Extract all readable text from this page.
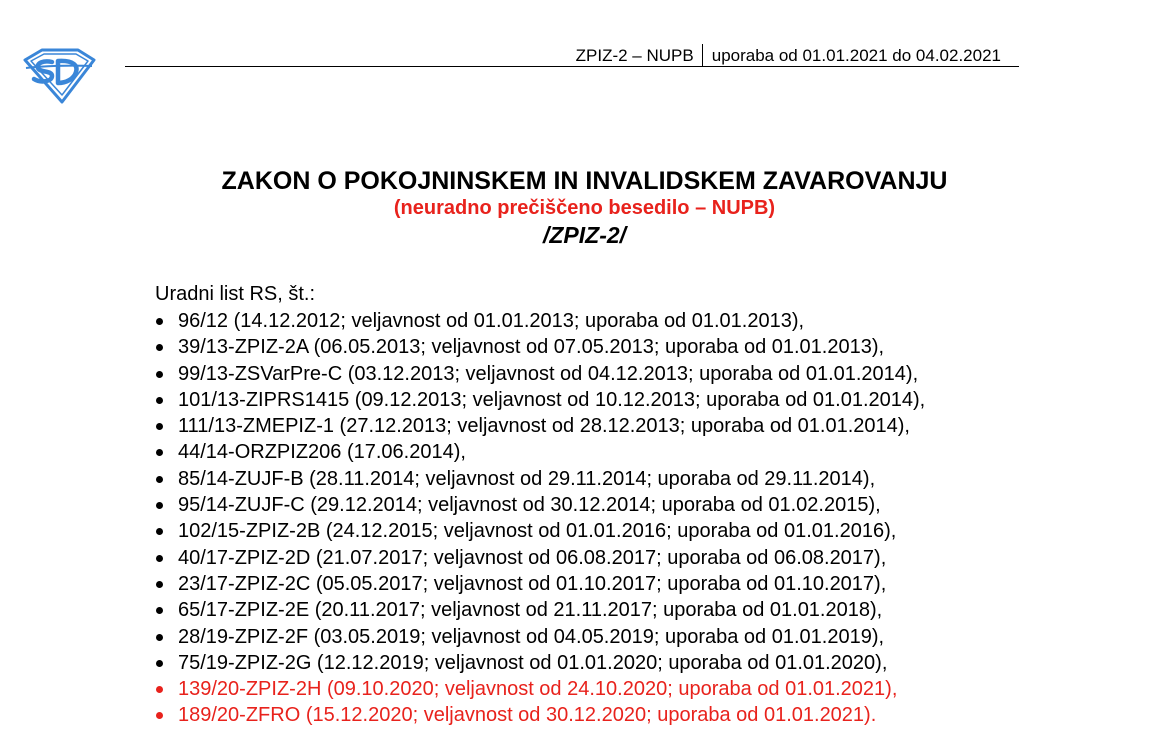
ZPIZ-2 – NUPB uporaba od 01.01.2021 do 04.02.2021
ZAKON O POKOJNINSKEM IN INVALIDSKEM ZAVAROVANJU
(neuradno prečiščeno besedilo – NUPB)
/ZPIZ-2/
Uradni list RS, št.:
96/12 (14.12.2012; veljavnost od 01.01.2013; uporaba od 01.01.2013),
39/13-ZPIZ-2A (06.05.2013; veljavnost od 07.05.2013; uporaba od 01.01.2013),
99/13-ZSVarPre-C (03.12.2013; veljavnost od 04.12.2013; uporaba od 01.01.2014),
101/13-ZIPRS1415 (09.12.2013; veljavnost od 10.12.2013; uporaba od 01.01.2014),
111/13-ZMEPIZ-1 (27.12.2013; veljavnost od 28.12.2013; uporaba od 01.01.2014),
44/14-ORZPIZ206 (17.06.2014),
85/14-ZUJF-B (28.11.2014; veljavnost od 29.11.2014; uporaba od 29.11.2014),
95/14-ZUJF-C (29.12.2014; veljavnost od 30.12.2014; uporaba od 01.02.2015),
102/15-ZPIZ-2B (24.12.2015; veljavnost od 01.01.2016; uporaba od 01.01.2016),
40/17-ZPIZ-2D (21.07.2017; veljavnost od 06.08.2017; uporaba od 06.08.2017),
23/17-ZPIZ-2C (05.05.2017; veljavnost od 01.10.2017; uporaba od 01.10.2017),
65/17-ZPIZ-2E (20.11.2017; veljavnost od 21.11.2017; uporaba od 01.01.2018),
28/19-ZPIZ-2F (03.05.2019; veljavnost od 04.05.2019; uporaba od 01.01.2019),
75/19-ZPIZ-2G (12.12.2019; veljavnost od 01.01.2020; uporaba od 01.01.2020),
139/20-ZPIZ-2H (09.10.2020; veljavnost od 24.10.2020; uporaba od 01.01.2021),
189/20-ZFRO (15.12.2020; veljavnost od 30.12.2020; uporaba od 01.01.2021).
